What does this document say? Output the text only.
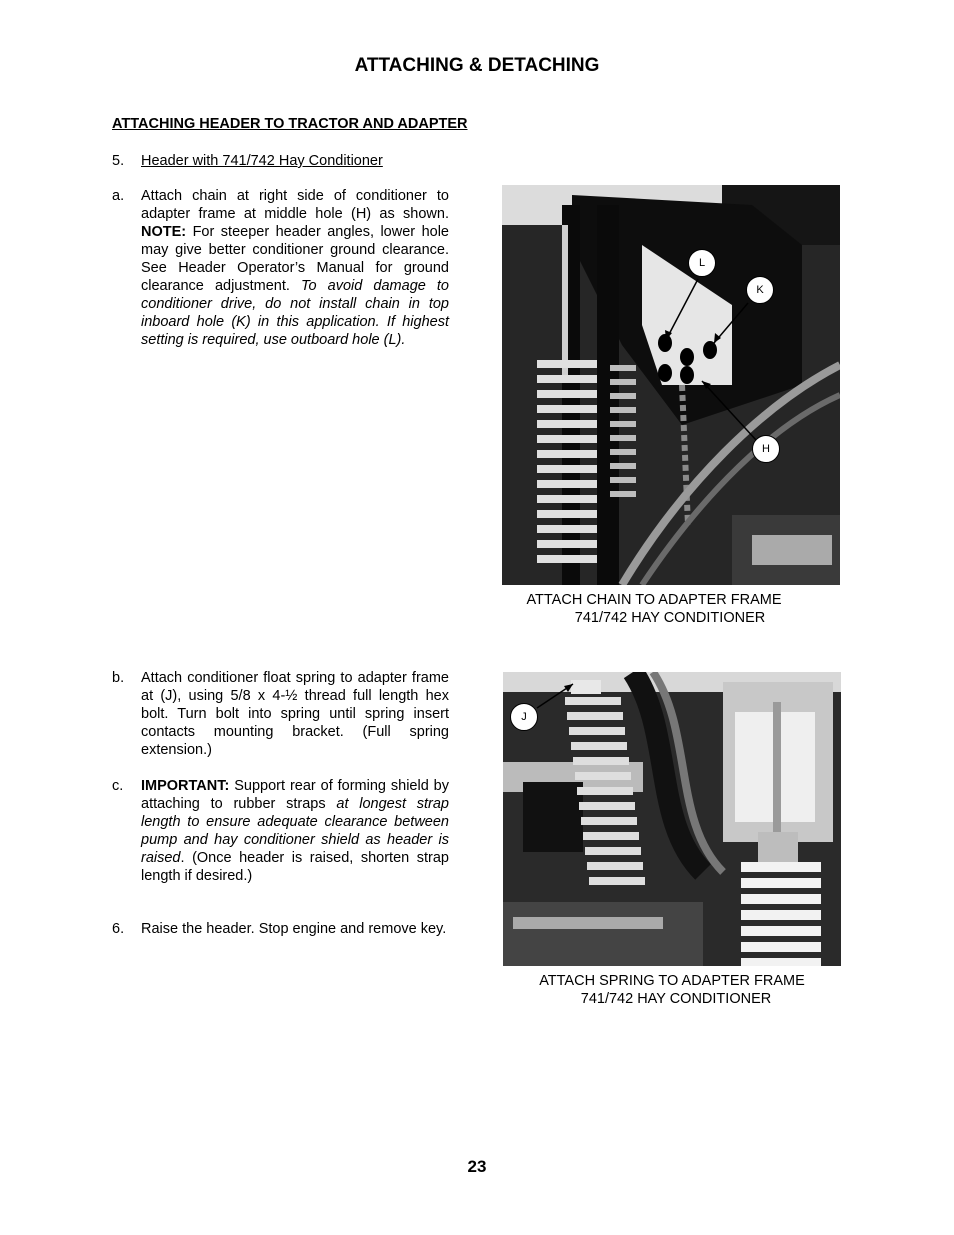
ATTACHING & DETACHING
ATTACHING HEADER TO TRACTOR AND ADAPTER
5. Header with 741/742 Hay Conditioner
a. Attach chain at right side of conditioner to adapter frame at middle hole (H) as shown. NOTE: For steeper header angles, lower hole may give better conditioner ground clearance. See Header Operator’s Manual for ground clearance adjustment. To avoid damage to conditioner drive, do not install chain in top inboard hole (K) in this application. If highest setting is required, use outboard hole (L).
L
K
H
ATTACH CHAIN TO ADAPTER FRAME
741/742 HAY CONDITIONER
b. Attach conditioner float spring to adapter frame at (J), using 5/8 x 4-½ thread full length hex bolt. Turn bolt into spring until spring insert contacts mounting bracket. (Full spring extension.)
c. IMPORTANT: Support rear of forming shield by attaching to rubber straps at longest strap length to ensure adequate clearance between pump and hay conditioner shield as header is raised. (Once header is raised, shorten strap length if desired.)
6. Raise the header. Stop engine and remove key.
J
ATTACH SPRING TO ADAPTER FRAME
741/742 HAY CONDITIONER
23
